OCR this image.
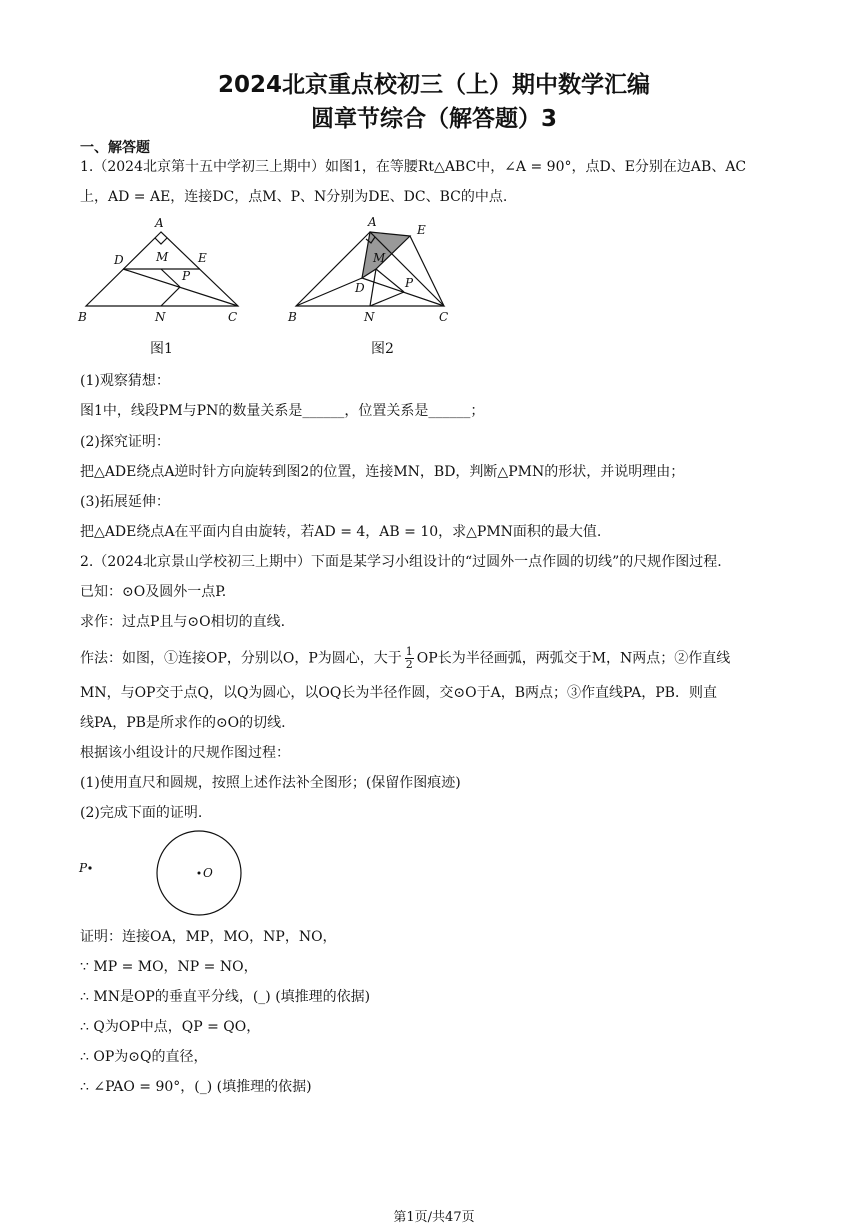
2024北京重点校初三（上）期中数学汇编
圆章节综合（解答题）3
一、解答题
1.（2024北京第十五中学初三上期中）如图1，在等腰Rt△ABC中，∠A = 90°，点D、E分别在边AB、AC
上，AD = AE，连接DC，点M、P、N分别为DE、DC、BC的中点.
A
D	M E
P
B	N	C
图1
A
E
M
D	P
B	N	C
图2
(1)观察猜想：
图1中，线段PM与PN的数量关系是______，位置关系是______；
(2)探究证明：
把△ADE绕点A逆时针方向旋转到图2的位置，连接MN，BD，判断△PMN的形状，并说明理由；
(3)拓展延伸：
把△ADE绕点A在平面内自由旋转，若AD = 4，AB = 10，求△PMN面积的最大值.
2.（2024北京景山学校初三上期中）下面是某学习小组设计的“过圆外一点作圆的切线”的尺规作图过程.
已知：⊙O及圆外一点P.
求作：过点P且与⊙O相切的直线.
作法：如图，①连接OP，分别以O，P为圆心，大于 $\frac{1}{2}$ OP长为半径画弧，两弧交于M，N两点；②作直线
MN，与OP交于点Q，以Q为圆心，以OQ长为半径作圆，交⊙O于A，B两点；③作直线PA，PB．则直
线PA，PB是所求作的⊙O的切线.
根据该小组设计的尺规作图过程：
(1)使用直尺和圆规，按照上述作法补全图形；(保留作图痕迹)
(2)完成下面的证明.
P	O
证明：连接OA，MP，MO，NP，NO，
∵ MP = MO，NP = NO，
∴ MN是OP的垂直平分线，(_) (填推理的依据)
∴ Q为OP中点，QP = QO，
∴ OP为⊙Q的直径，
∴ ∠PAO = 90°，(_) (填推理的依据)
第1页/共47页
